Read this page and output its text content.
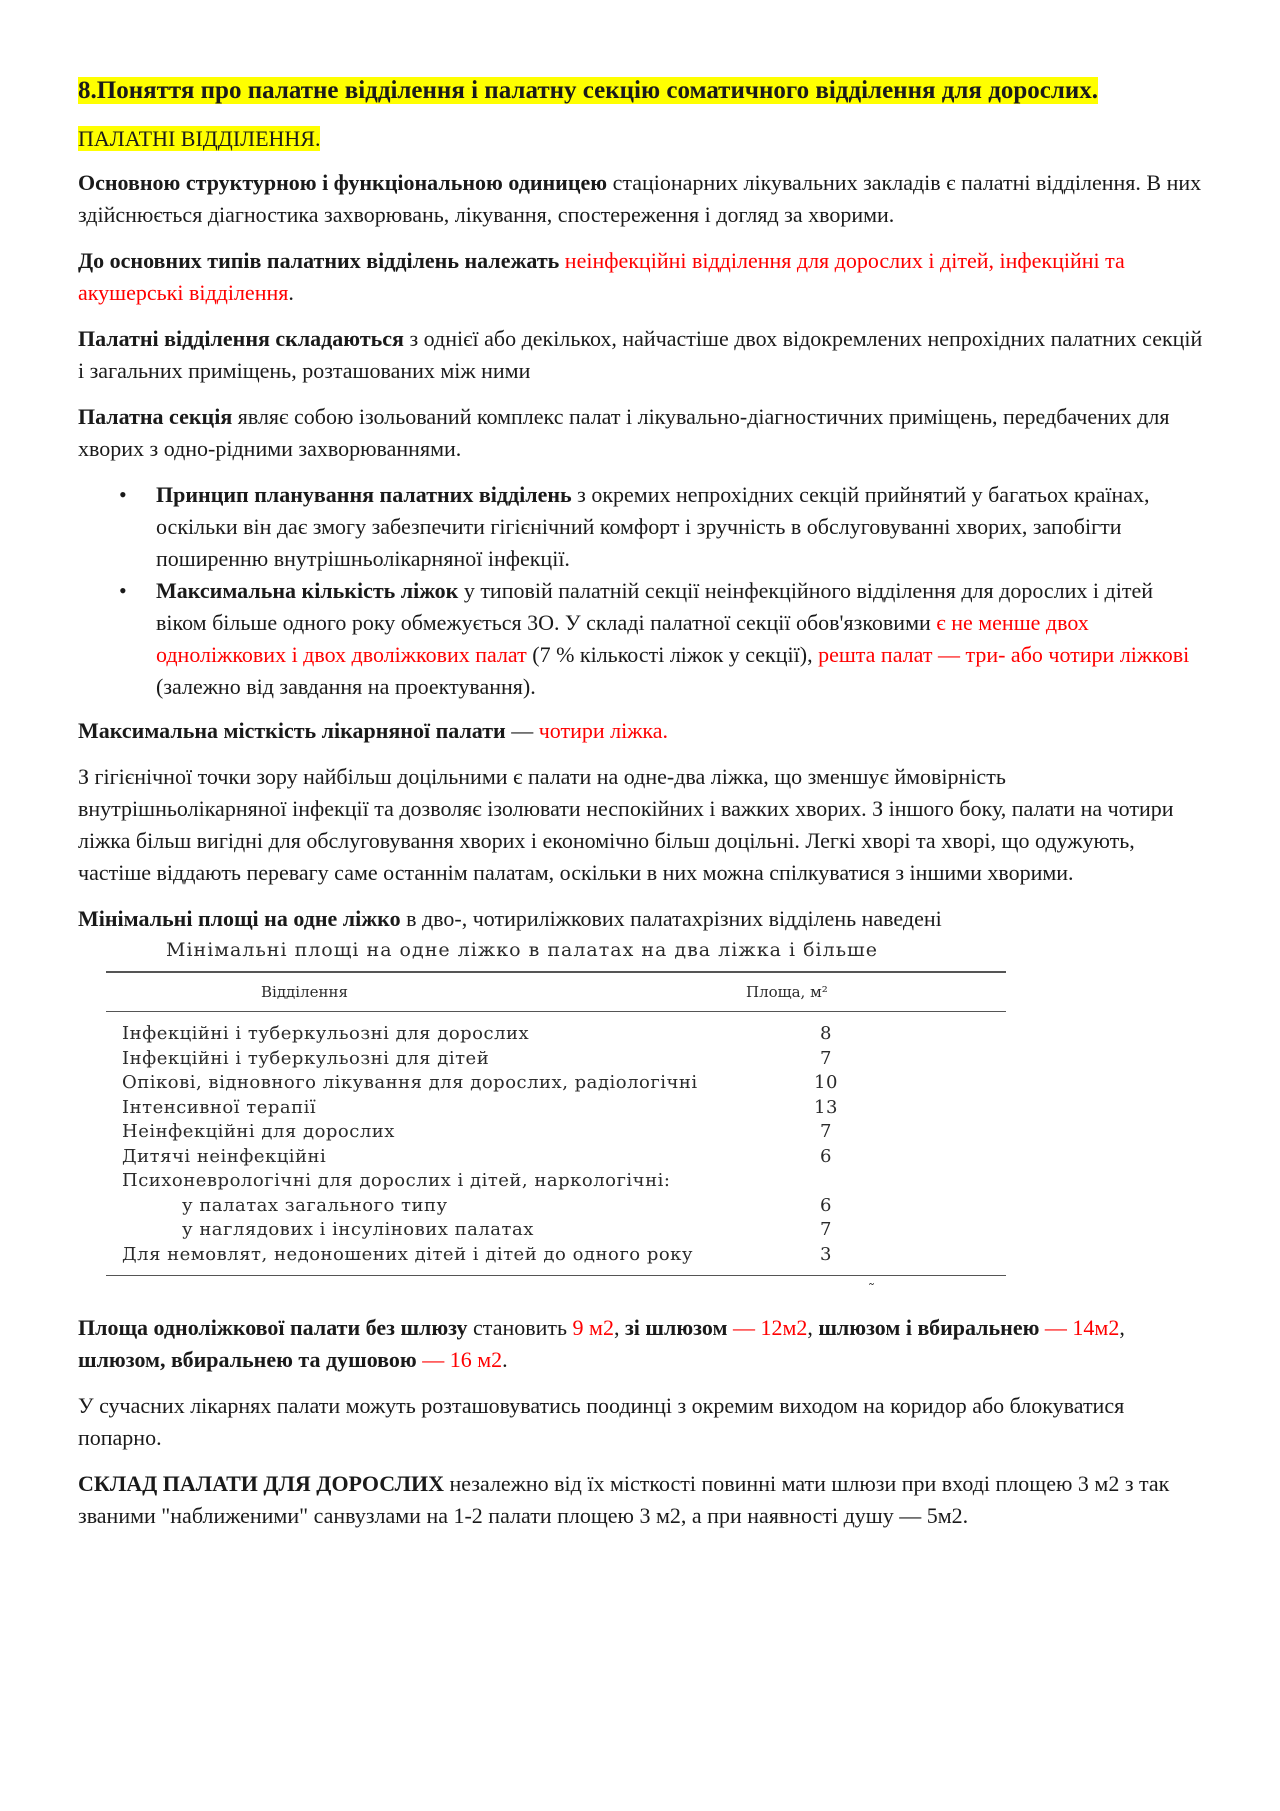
8.Поняття про палатне відділення і палатну секцію соматичного відділення для дорослих.
ПАЛАТНІ ВІДДІЛЕННЯ.

Основною структурною і функціональною одиницею стаціонарних лікувальних закладів є палатні відділення. В них здійснюється діагностика захворювань, лікування, спостереження і догляд за хворими.

До основних типів палатних відділень належать неінфекційні відділення для дорослих і дітей, інфекційні та акушерські відділення.

Палатні відділення складаються з однієї або декількох, найчастіше двох відокремлених непрохідних палатних секцій і загальних приміщень, розташованих між ними

Палатна секція являє собою ізольований комплекс палат і лікувально-діагностичних приміщень, передбачених для хворих з одно-рідними захворюваннями.

• Принцип планування палатних відділень з окремих непрохідних секцій прийнятий у багатьох країнах, оскільки він дає змогу забезпечити гігієнічний комфорт і зручність в обслуговуванні хворих, запобігти поширенню внутрішньолікарняної інфекції.
• Максимальна кількість ліжок у типовій палатній секції неінфекційного відділення для дорослих і дітей віком більше одного року обмежується 3О. У складі палатної секції обов'язковими є не менше двох одноліжкових і двох дволіжкових палат (7 % кількості ліжок у секції), решта палат — три- або чотири ліжкові (залежно від завдання на проектування).

Максимальна місткість лікарняної палати — чотири ліжка.

З гігієнічної точки зору найбільш доцільними є палати на одне-два ліжка, що зменшує ймовірність внутрішньолікарняної інфекції та дозволяє ізолювати неспокійних і важких хворих. З іншого боку, палати на чотири ліжка більш вигідні для обслуговування хворих і економічно більш доцільні. Легкі хворі та хворі, що одужують, частіше віддають перевагу саме останнім палатам, оскільки в них можна спілкуватися з іншими хворими.

Мінімальні площі на одне ліжко в дво-, чотириліжкових палатахрізних відділень наведені

Мінімальні площі на одне ліжко в палатах на два ліжка і більше
Відділення	Площа, м²
Інфекційні і туберкульозні для дорослих	8
Інфекційні і туберкульозні для дітей	7
Опікові, відновного лікування для дорослих, радіологічні	10
Інтенсивної терапії	13
Неінфекційні для дорослих	7
Дитячі неінфекційні	6
Психоневрологічні для дорослих і дітей, наркологічні:
у палатах загального типу	6
у наглядових і інсулінових палатах	7
Для немовлят, недоношених дітей і дітей до одного року	3
˜

Площа одноліжкової палати без шлюзу становить 9 м2, зі шлюзом — 12м2, шлюзом і вбиральнею — 14м2, шлюзом, вбиральнею та душовою — 16 м2.

У сучасних лікарнях палати можуть розташовуватись поодинці з окремим виходом на коридор або блокуватися попарно.

СКЛАД ПАЛАТИ ДЛЯ ДОРОСЛИХ незалежно від їх місткості повинні мати шлюзи при вході площею 3 м2 з так званими "наближеними" санвузлами на 1-2 палати площею 3 м2, а при наявності душу — 5м2.
